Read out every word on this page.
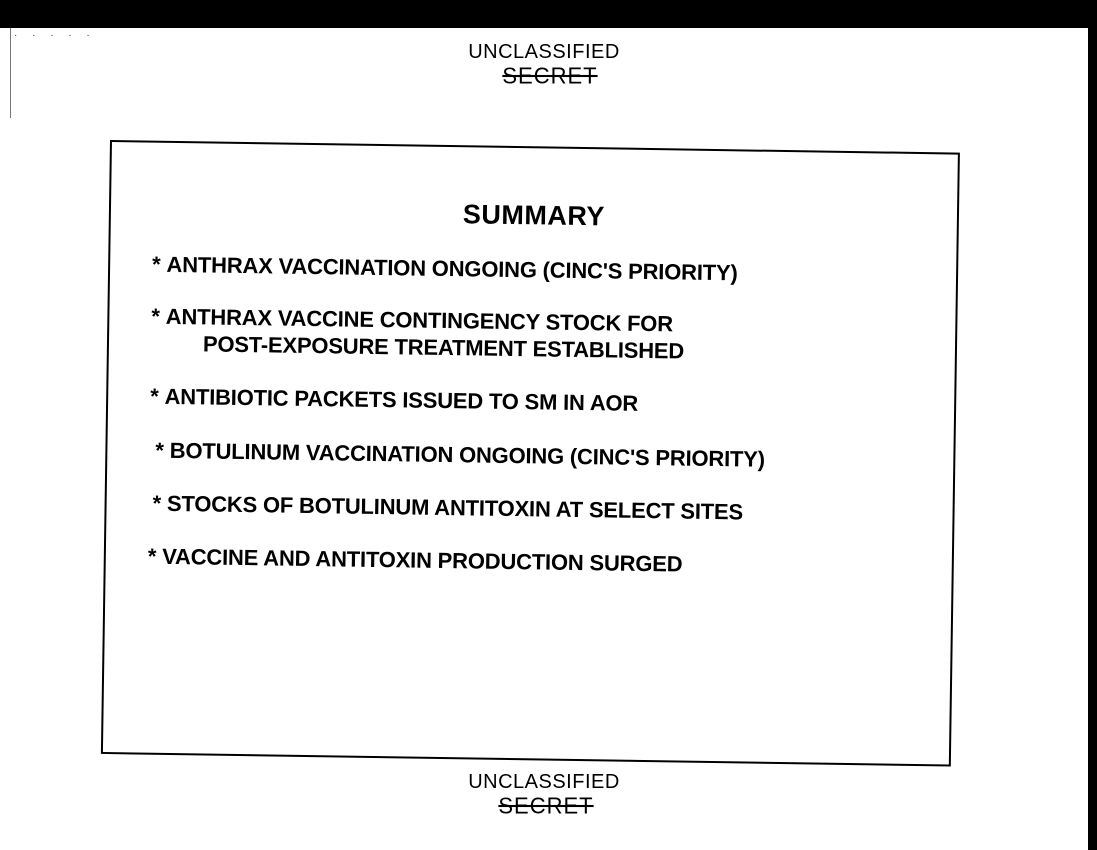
· · · · ·
UNCLASSIFIED
SECRET
SUMMARY
* ANTHRAX VACCINATION ONGOING (CINC'S PRIORITY)
* ANTHRAX VACCINE CONTINGENCY STOCK FOR
POST-EXPOSURE TREATMENT ESTABLISHED
* ANTIBIOTIC PACKETS ISSUED TO SM IN AOR
* BOTULINUM VACCINATION ONGOING (CINC'S PRIORITY)
* STOCKS OF BOTULINUM ANTITOXIN AT SELECT SITES
* VACCINE AND ANTITOXIN PRODUCTION SURGED
UNCLASSIFIED
SECRET
